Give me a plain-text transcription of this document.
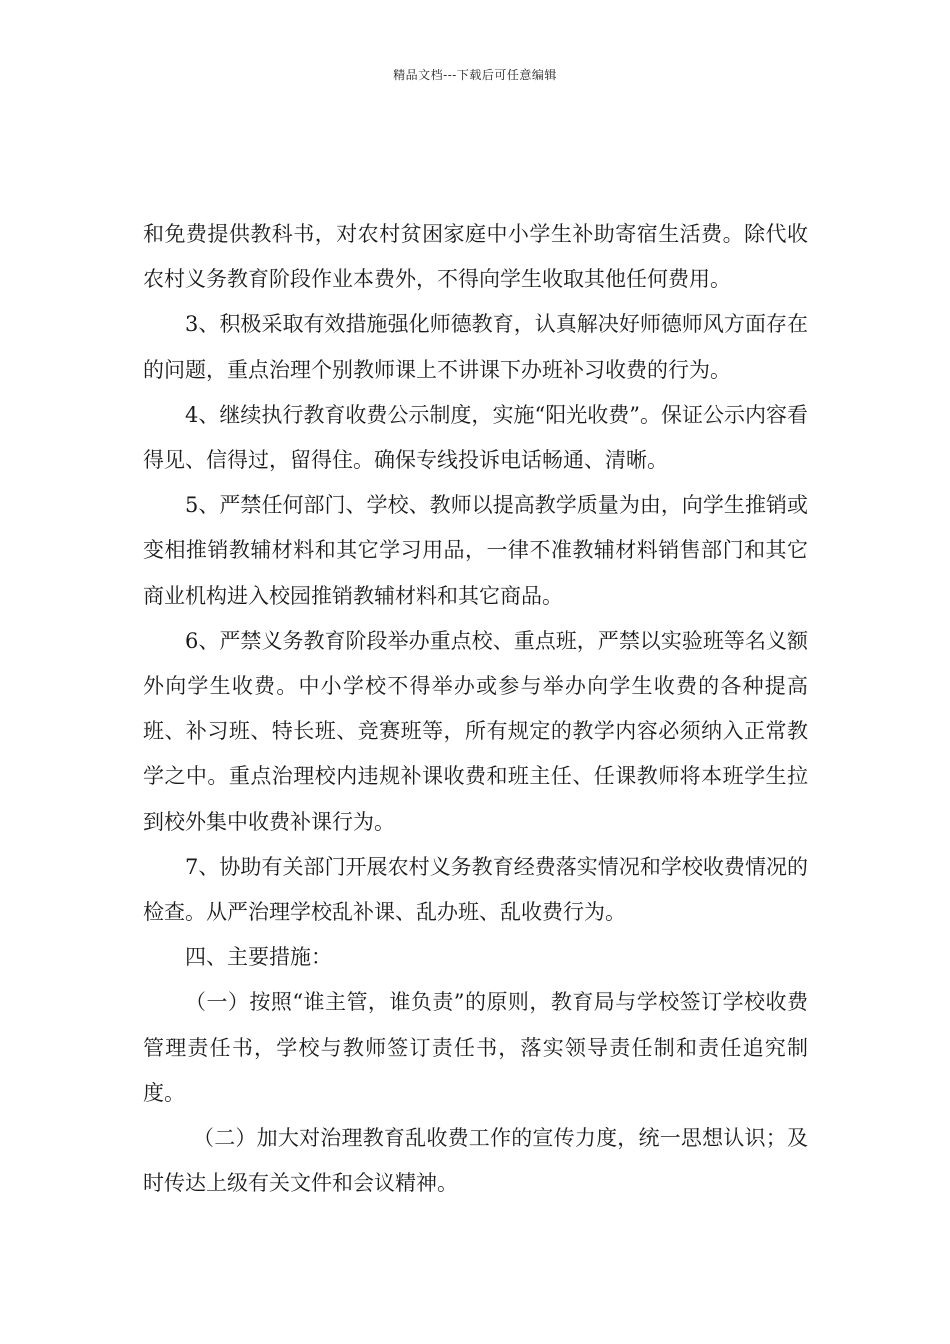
精品文档---下载后可任意编辑

和免费提供教科书，对农村贫困家庭中小学生补助寄宿生活费。除代收农村义务教育阶段作业本费外，不得向学生收取其他任何费用。

3、积极采取有效措施强化师德教育，认真解决好师德师风方面存在的问题，重点治理个别教师课上不讲课下办班补习收费的行为。

4、继续执行教育收费公示制度，实施“阳光收费”。保证公示内容看得见、信得过，留得住。确保专线投诉电话畅通、清晰。

5、严禁任何部门、学校、教师以提高教学质量为由，向学生推销或变相推销教辅材料和其它学习用品，一律不准教辅材料销售部门和其它商业机构进入校园推销教辅材料和其它商品。

6、严禁义务教育阶段举办重点校、重点班，严禁以实验班等名义额外向学生收费。中小学校不得举办或参与举办向学生收费的各种提高班、补习班、特长班、竞赛班等，所有规定的教学内容必须纳入正常教学之中。重点治理校内违规补课收费和班主任、任课教师将本班学生拉到校外集中收费补课行为。

7、协助有关部门开展农村义务教育经费落实情况和学校收费情况的检查。从严治理学校乱补课、乱办班、乱收费行为。

四、主要措施：

（一）按照“谁主管，谁负责”的原则，教育局与学校签订学校收费管理责任书，学校与教师签订责任书，落实领导责任制和责任追究制度。

（二）加大对治理教育乱收费工作的宣传力度，统一思想认识；及时传达上级有关文件和会议精神。
